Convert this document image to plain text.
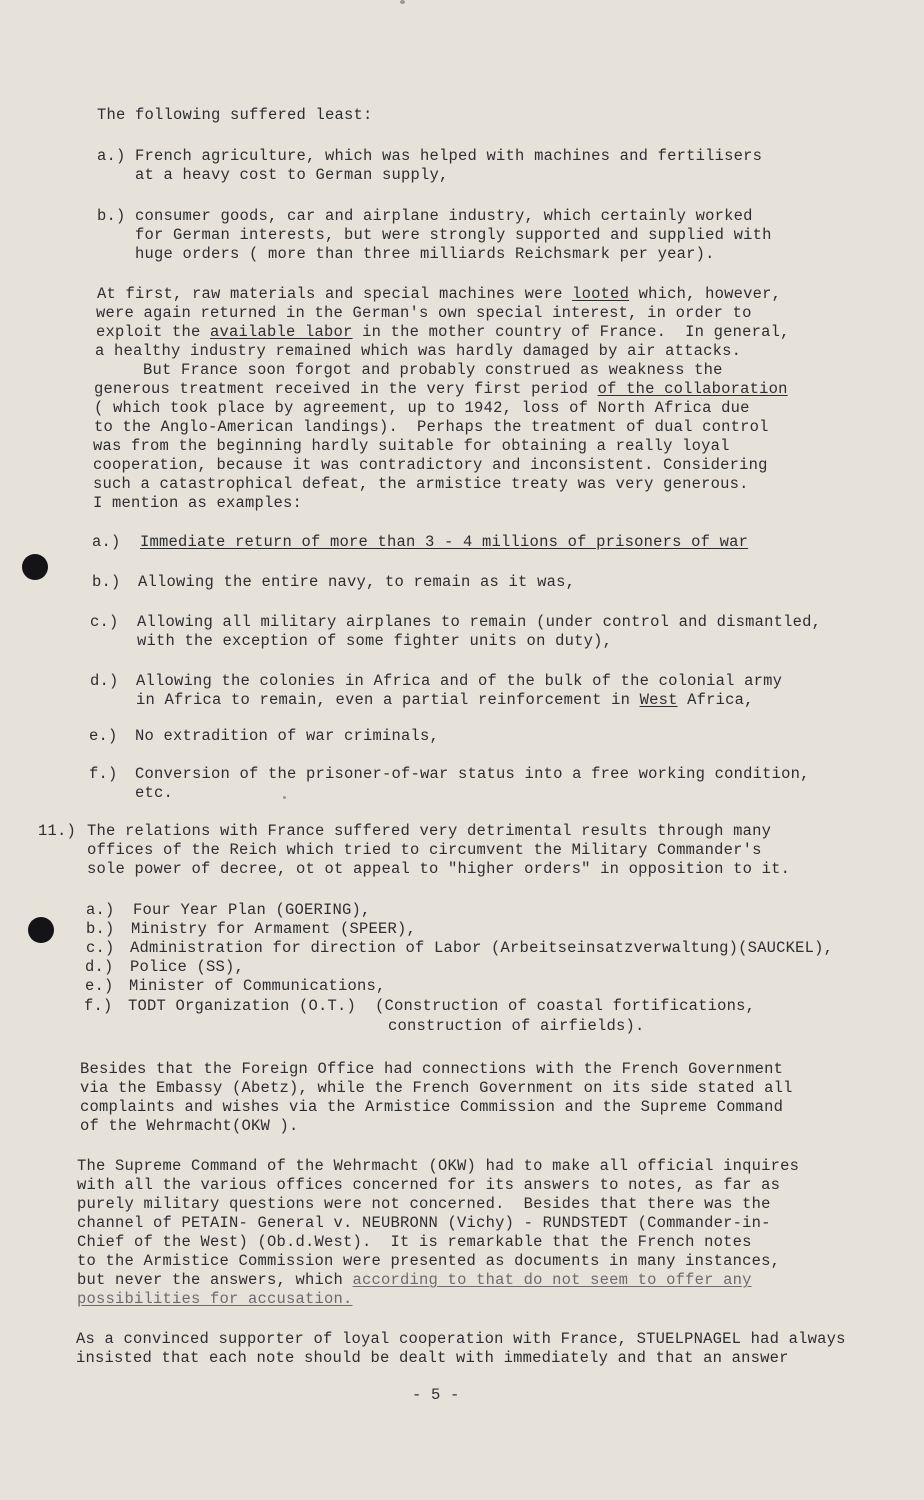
The following suffered least:
a.) French agriculture, which was helped with machines and fertilisers
at a heavy cost to German supply,
b.) consumer goods, car and airplane industry, which certainly worked
for German interests, but were strongly supported and supplied with
huge orders ( more than three milliards Reichsmark per year).
At first, raw materials and special machines were looted which, however,
were again returned in the German's own special interest, in order to
exploit the available labor in the mother country of France.  In general,
a healthy industry remained which was hardly damaged by air attacks.
But France soon forgot and probably construed as weakness the
generous treatment received in the very first period of the collaboration
( which took place by agreement, up to 1942, loss of North Africa due
to the Anglo-American landings).  Perhaps the treatment of dual control
was from the beginning hardly suitable for obtaining a really loyal
cooperation, because it was contradictory and inconsistent. Considering
such a catastrophical defeat, the armistice treaty was very generous.
I mention as examples:
a.) Immediate return of more than 3 - 4 millions of prisoners of war
b.) Allowing the entire navy, to remain as it was,
c.) Allowing all military airplanes to remain (under control and dismantled,
with the exception of some fighter units on duty),
d.) Allowing the colonies in Africa and of the bulk of the colonial army
in Africa to remain, even a partial reinforcement in West Africa,
e.) No extradition of war criminals,
f.) Conversion of the prisoner-of-war status into a free working condition,
etc.
11.) The relations with France suffered very detrimental results through many
offices of the Reich which tried to circumvent the Military Commander's
sole power of decree, ot ot appeal to "higher orders" in opposition to it.
a.) Four Year Plan (GOERING),
b.) Ministry for Armament (SPEER),
c.) Administration for direction of Labor (Arbeitseinsatzverwaltung)(SAUCKEL),
d.) Police (SS),
e.) Minister of Communications,
f.) TODT Organization (O.T.)  (Construction of coastal fortifications,
construction of airfields).
Besides that the Foreign Office had connections with the French Government
via the Embassy (Abetz), while the French Government on its side stated all
complaints and wishes via the Armistice Commission and the Supreme Command
of the Wehrmacht(OKW ).
The Supreme Command of the Wehrmacht (OKW) had to make all official inquires
with all the various offices concerned for its answers to notes, as far as
purely military questions were not concerned.  Besides that there was the
channel of PETAIN- General v. NEUBRONN (Vichy) - RUNDSTEDT (Commander-in-
Chief of the West) (Ob.d.West).  It is remarkable that the French notes
to the Armistice Commission were presented as documents in many instances,
but never the answers, which according to that do not seem to offer any
possibilities for accusation.
As a convinced supporter of loyal cooperation with France, STUELPNAGEL had always
insisted that each note should be dealt with immediately and that an answer
- 5 -
